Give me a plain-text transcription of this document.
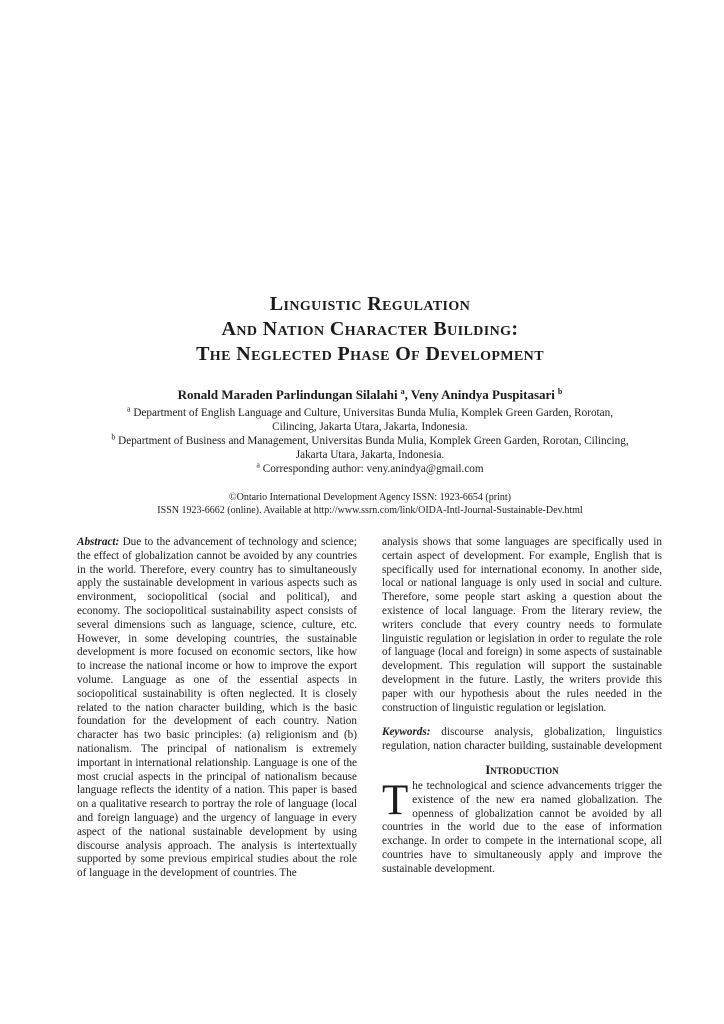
Linguistic Regulation
And Nation Character Building:
The Neglected Phase Of Development

Ronald Maraden Parlindungan Silalahi $^a$, Veny Anindya Puspitasari $^b$

$^a$ Department of English Language and Culture, Universitas Bunda Mulia, Komplek Green Garden, Rorotan, Cilincing, Jakarta Utara, Jakarta, Indonesia.

$^b$ Department of Business and Management, Universitas Bunda Mulia, Komplek Green Garden, Rorotan, Cilincing, Jakarta Utara, Jakarta, Indonesia.

$^a$ Corresponding author: veny.anindya@gmail.com

©Ontario International Development Agency ISSN: 1923-6654 (print)

ISSN 1923-6662 (online). Available at http://www.ssrn.com/link/OIDA-Intl-Journal-Sustainable-Dev.html

Abstract: Due to the advancement of technology and science; the effect of globalization cannot be avoided by any countries in the world. Therefore, every country has to simultaneously apply the sustainable development in various aspects such as environment, sociopolitical (social and political), and economy. The sociopolitical sustainability aspect consists of several dimensions such as language, science, culture, etc. However, in some developing countries, the sustainable development is more focused on economic sectors, like how to increase the national income or how to improve the export volume. Language as one of the essential aspects in sociopolitical sustainability is often neglected. It is closely related to the nation character building, which is the basic foundation for the development of each country. Nation character has two basic principles: (a) religionism and (b) nationalism. The principal of nationalism is extremely important in international relationship. Language is one of the most crucial aspects in the principal of nationalism because language reflects the identity of a nation. This paper is based on a qualitative research to portray the role of language (local and foreign language) and the urgency of language in every aspect of the national sustainable development by using discourse analysis approach. The analysis is intertextually supported by some previous empirical studies about the role of language in the development of countries. The

analysis shows that some languages are specifically used in certain aspect of development. For example, English that is specifically used for international economy. In another side, local or national language is only used in social and culture. Therefore, some people start asking a question about the existence of local language. From the literary review, the writers conclude that every country needs to formulate linguistic regulation or legislation in order to regulate the role of language (local and foreign) in some aspects of sustainable development. This regulation will support the sustainable development in the future. Lastly, the writers provide this paper with our hypothesis about the rules needed in the construction of linguistic regulation or legislation.

Keywords: discourse analysis, globalization, linguistics regulation, nation character building, sustainable development

Introduction

The technological and science advancements trigger the existence of the new era named globalization. The openness of globalization cannot be avoided by all countries in the world due to the ease of information exchange. In order to compete in the international scope, all countries have to simultaneously apply and improve the sustainable development.
